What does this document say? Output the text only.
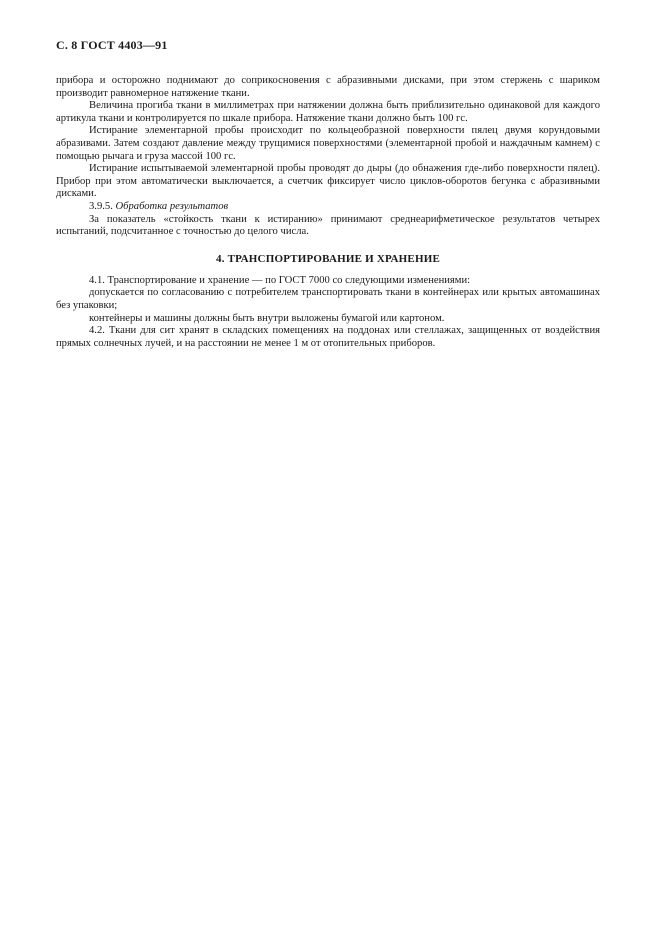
С. 8 ГОСТ 4403—91

прибора и осторожно поднимают до соприкосновения с абразивными дисками, при этом стержень с шариком производит равномерное натяжение ткани.

Величина прогиба ткани в миллиметрах при натяжении должна быть приблизительно одинаковой для каждого артикула ткани и контролируется по шкале прибора. Натяжение ткани должно быть 100 гс.

Истирание элементарной пробы происходит по кольцеобразной поверхности пялец двумя корундовыми абразивами. Затем создают давление между трущимися поверхностями (элементарной пробой и наждачным камнем) с помощью рычага и груза массой 100 гс.

Истирание испытываемой элементарной пробы проводят до дыры (до обнажения где-либо поверхности пялец). Прибор при этом автоматически выключается, а счетчик фиксирует число циклов-оборотов бегунка с абразивными дисками.

3.9.5. Обработка результатов

За показатель «стойкость ткани к истиранию» принимают среднеарифметическое результатов четырех испытаний, подсчитанное с точностью до целого числа.

4. ТРАНСПОРТИРОВАНИЕ И ХРАНЕНИЕ

4.1. Транспортирование и хранение — по ГОСТ 7000 со следующими изменениями:

допускается по согласованию с потребителем транспортировать ткани в контейнерах или крытых автомашинах без упаковки;

контейнеры и машины должны быть внутри выложены бумагой или картоном.

4.2. Ткани для сит хранят в складских помещениях на поддонах или стеллажах, защищенных от воздействия прямых солнечных лучей, и на расстоянии не менее 1 м от отопительных приборов.
